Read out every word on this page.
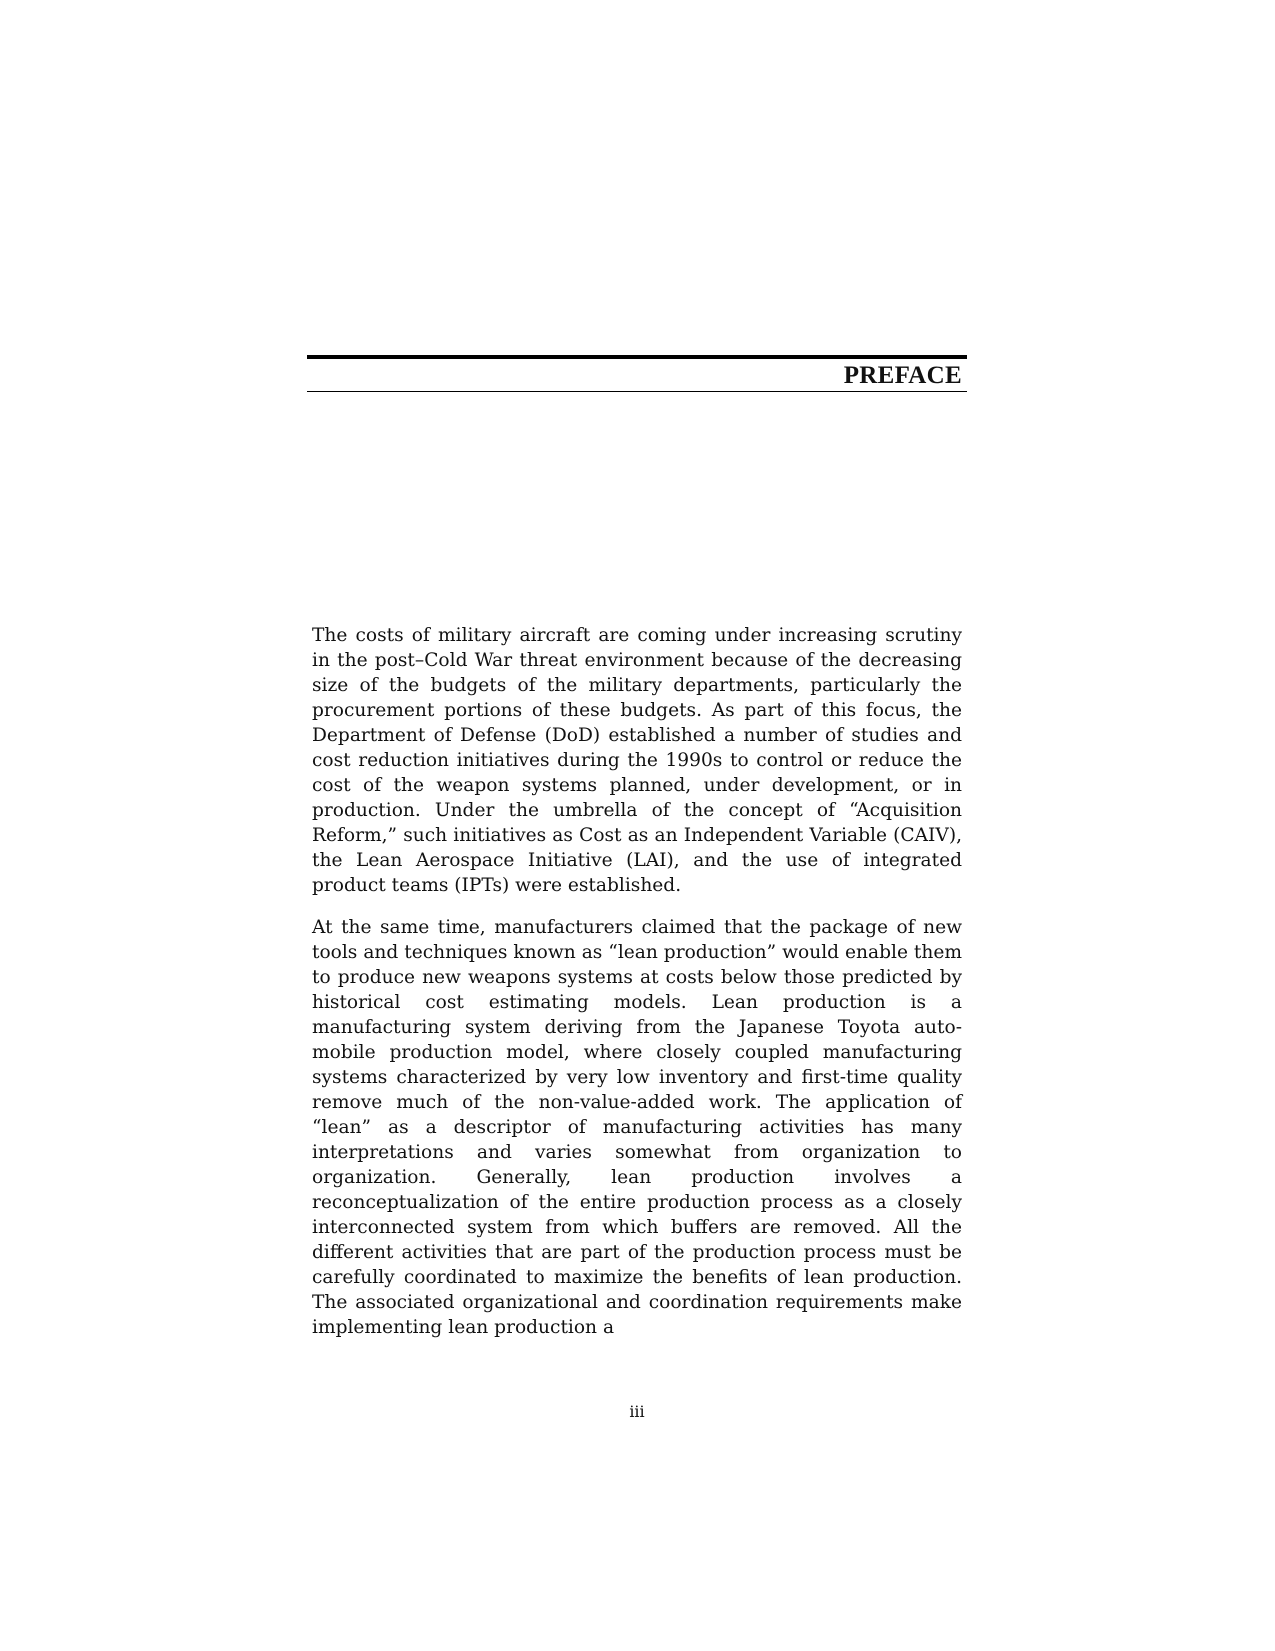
PREFACE

The costs of military aircraft are coming under increasing scrutiny in the post–Cold War threat environment because of the decreasing size of the budgets of the military departments, particularly the procurement portions of these budgets. As part of this focus, the Department of Defense (DoD) established a number of studies and cost reduction initiatives during the 1990s to control or reduce the cost of the weapon systems planned, under development, or in production. Under the umbrella of the concept of “Acquisition Reform,” such initiatives as Cost as an Independent Variable (CAIV), the Lean Aerospace Initiative (LAI), and the use of integrated product teams (IPTs) were established.

At the same time, manufacturers claimed that the package of new tools and techniques known as “lean production” would enable them to produce new weapons systems at costs below those predicted by historical cost estimating models. Lean production is a manufacturing system deriving from the Japanese Toyota automobile production model, where closely coupled manufacturing systems characterized by very low inventory and first-time quality remove much of the non-value-added work. The application of “lean” as a descriptor of manufacturing activities has many interpretations and varies somewhat from organization to organization. Generally, lean production involves a reconceptualization of the entire production process as a closely interconnected system from which buffers are removed. All the different activities that are part of the production process must be carefully coordinated to maximize the benefits of lean production. The associated organizational and coordination requirements make implementing lean production a

iii
